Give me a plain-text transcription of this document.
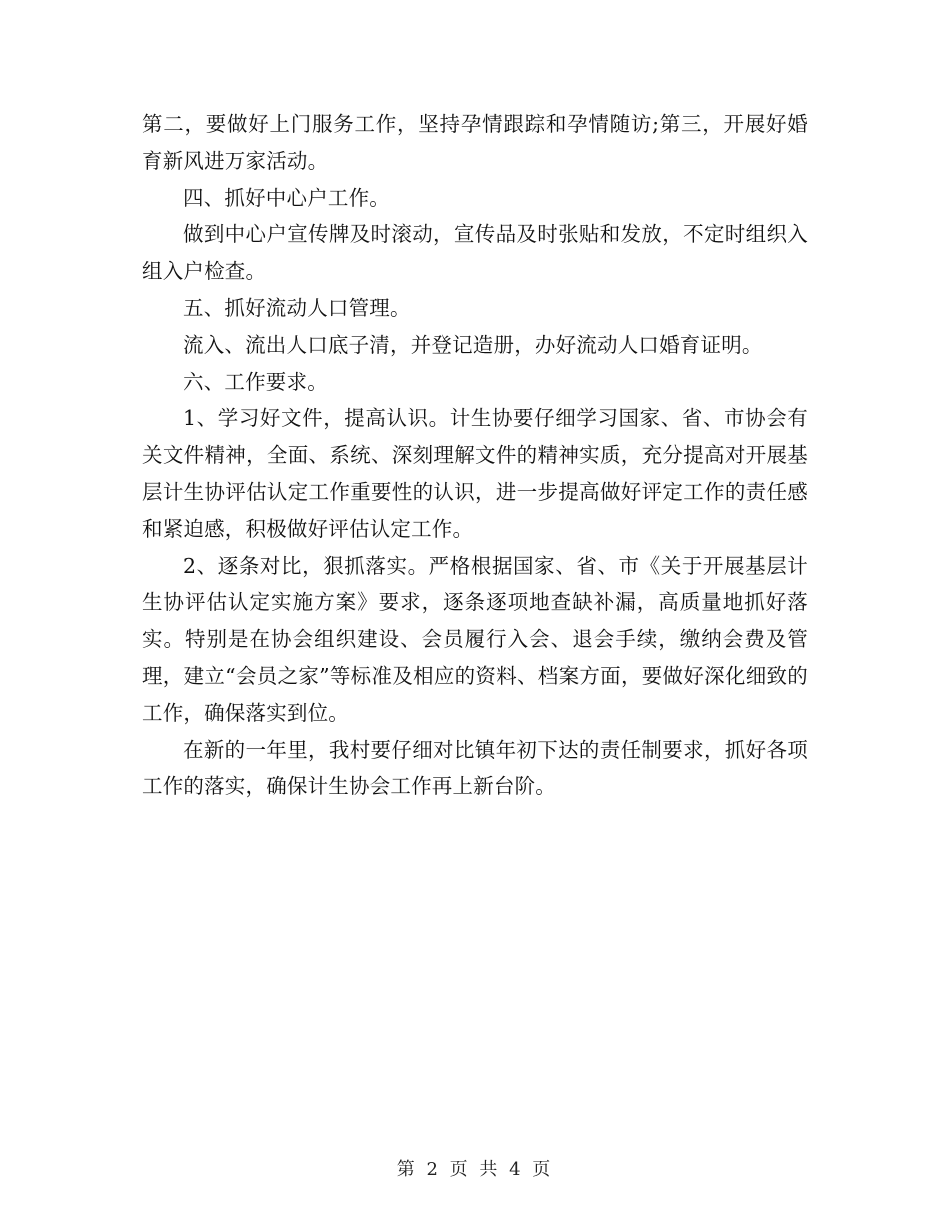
第二，要做好上门服务工作，坚持孕情跟踪和孕情随访;第三，开展好婚育新风进万家活动。

四、抓好中心户工作。

做到中心户宣传牌及时滚动，宣传品及时张贴和发放，不定时组织入组入户检查。

五、抓好流动人口管理。

流入、流出人口底子清，并登记造册，办好流动人口婚育证明。

六、工作要求。

1、学习好文件，提高认识。计生协要仔细学习国家、省、市协会有关文件精神，全面、系统、深刻理解文件的精神实质，充分提高对开展基层计生协评估认定工作重要性的认识，进一步提高做好评定工作的责任感和紧迫感，积极做好评估认定工作。

2、逐条对比，狠抓落实。严格根据国家、省、市《关于开展基层计生协评估认定实施方案》要求，逐条逐项地查缺补漏，高质量地抓好落实。特别是在协会组织建设、会员履行入会、退会手续，缴纳会费及管理，建立“会员之家”等标准及相应的资料、档案方面，要做好深化细致的工作，确保落实到位。

在新的一年里，我村要仔细对比镇年初下达的责任制要求，抓好各项工作的落实，确保计生协会工作再上新台阶。

第 2 页 共 4 页
